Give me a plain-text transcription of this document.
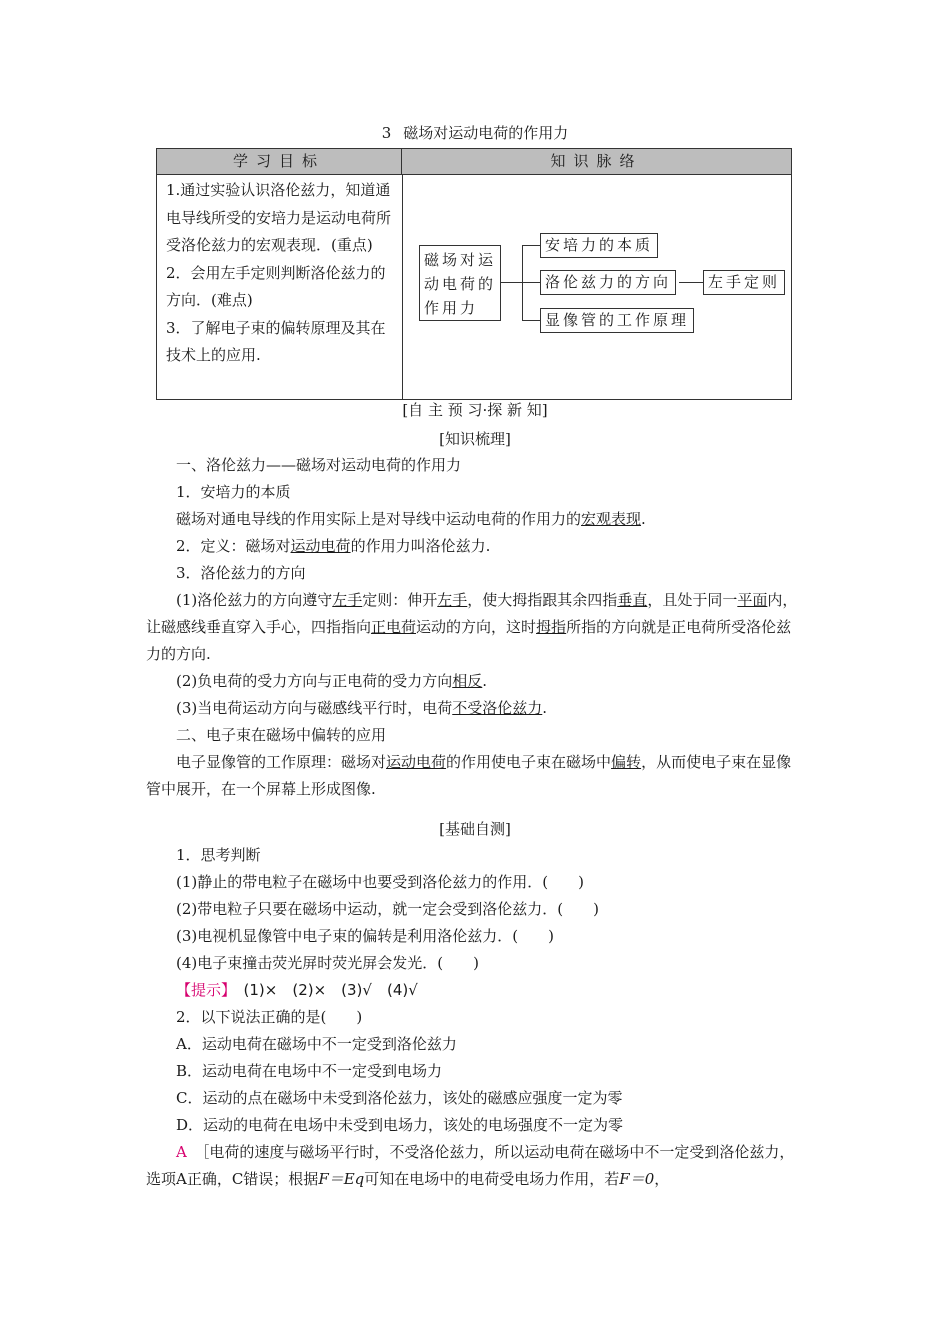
3 磁场对运动电荷的作用力
学习目标	知识脉络

1.通过实验认识洛伦兹力，知道通电导线所受的安培力是运动电荷所受洛伦兹力的宏观表现．(重点)

2．会用左手定则判断洛伦兹力的方向．(难点)

3．了解电子束的偏转原理及其在技术上的应用.

磁场对运动电荷的作用力
安培力的本质
洛伦兹力的方向	左手定则
显像管的工作原理
[自 主 预 习·探 新 知]
[知识梳理]

一、洛伦兹力——磁场对运动电荷的作用力

1．安培力的本质

磁场对通电导线的作用实际上是对导线中运动电荷的作用力的宏观表现.

2．定义：磁场对运动电荷的作用力叫洛伦兹力.

3．洛伦兹力的方向

(1)洛伦兹力的方向遵守左手定则：伸开左手，使大拇指跟其余四指垂直，且处于同一平面内，让磁感线垂直穿入手心，四指指向正电荷运动的方向，这时拇指所指的方向就是正电荷所受洛伦兹力的方向.

(2)负电荷的受力方向与正电荷的受力方向相反.

(3)当电荷运动方向与磁感线平行时，电荷不受洛伦兹力.

二、电子束在磁场中偏转的应用

电子显像管的工作原理：磁场对运动电荷的作用使电子束在磁场中偏转，从而使电子束在显像管中展开，在一个屏幕上形成图像.

[基础自测]

1．思考判断

(1)静止的带电粒子在磁场中也要受到洛伦兹力的作用．(　　)

(2)带电粒子只要在磁场中运动，就一定会受到洛伦兹力．(　　)

(3)电视机显像管中电子束的偏转是利用洛伦兹力．(　　)

(4)电子束撞击荧光屏时荧光屏会发光．(　　)

【提示】　 (1)×　(2)×　(3)√　(4)√

2．以下说法正确的是(　　)

A．运动电荷在磁场中不一定受到洛伦兹力

B．运动电荷在电场中不一定受到电场力

C．运动的点在磁场中未受到洛伦兹力，该处的磁感应强度一定为零

D．运动的电荷在电场中未受到电场力，该处的电场强度不一定为零

A　 ［电荷的速度与磁场平行时，不受洛伦兹力，所以运动电荷在磁场中不一定受到洛伦兹力，选项A正确，C错误；根据F＝Eq可知在电场中的电荷受电场力作用，若F＝0，
